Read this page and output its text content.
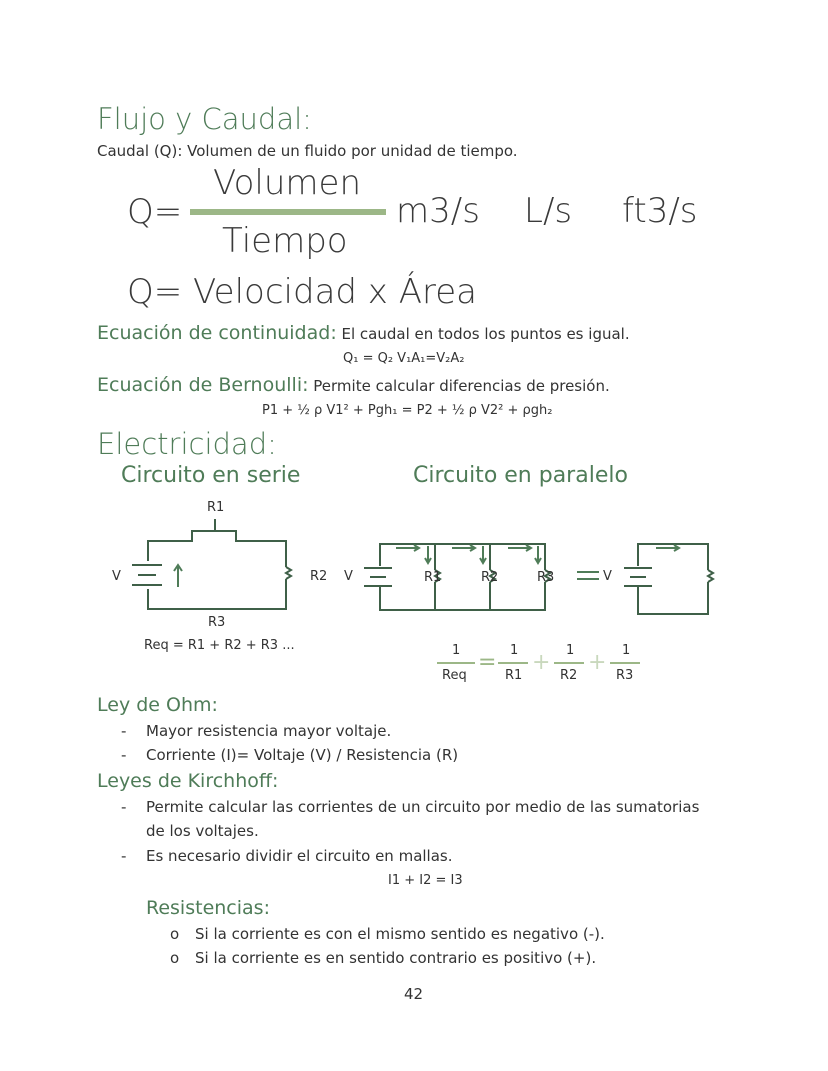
Flujo y Caudal:
Caudal (Q): Volumen de un fluido por unidad de tiempo.
Q=
Volumen
Tiempo
m3/s L/s ft3/s
Q= Velocidad x Área
Ecuación de continuidad: El caudal en todos los puntos es igual.
Q₁ = Q₂ V₁A₁=V₂A₂
Ecuación de Bernoulli: Permite calcular diferencias de presión.
P1 + ½ ρ V1² + Pgh₁ = P2 + ½ ρ V2² + ρgh₂
Electricidad:
Circuito en serie	Circuito en paralelo
R1
R2
R3
V
Req = R1 + R2 + R3 ...
V	R1	R2	R3	V
1
Req
= 1
R1
+ 1
R2
+ 1
R3
Ley de Ohm:
- Mayor resistencia mayor voltaje.
- Corriente (I)= Voltaje (V) / Resistencia (R)
Leyes de Kirchhoff:
- Permite calcular las corrientes de un circuito por medio de las sumatorias
de los voltajes.
- Es necesario dividir el circuito en mallas.
I1 + I2 = I3
Resistencias:
o Si la corriente es con el mismo sentido es negativo (-).
o Si la corriente es en sentido contrario es positivo (+).
42
